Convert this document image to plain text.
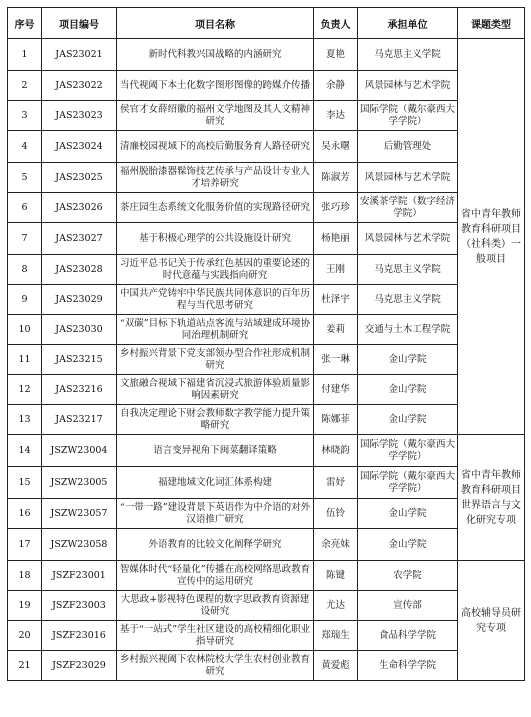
序号	项目编号	项目名称	负责人	承担单位	课题类型
1	JAS23021	新时代科教兴国战略的内涵研究	夏艳	马克思主义学院	省中青年教师教育科研项目（社科类）一般项目
2	JAS23022	当代视阈下本土化数字图形图像的跨媒介传播	余静	风景园林与艺术学院	
3	JAS23023	侯官才女薛绍徽的福州文学地图及其人文精神研究	李达	国际学院（戴尔豪西大学学院）	
4	JAS23024	清廉校园视域下的高校后勤服务育人路径研究	吴永曙	后勤管理处	
5	JAS23025	福州脱胎漆器髹饰技艺传承与产品设计专业人才培养研究	陈淑芳	风景园林与艺术学院	
6	JAS23026	茶庄园生态系统文化服务价值的实现路径研究	张巧珍	安溪茶学院（数字经济学院）	
7	JAS23027	基于积极心理学的公共设施设计研究	杨艳丽	风景园林与艺术学院	
8	JAS23028	习近平总书记关于传承红色基因的重要论述的时代意蕴与实践指向研究	王刚	马克思主义学院	
9	JAS23029	中国共产党铸牢中华民族共同体意识的百年历程与当代思考研究	杜泽宇	马克思主义学院	
10	JAS23030	“双碳”目标下轨道站点客流与站域建成环境协同治理机制研究	姜莉	交通与土木工程学院	
11	JAS23215	乡村振兴背景下党支部领办型合作社形成机制研究	张一琳	金山学院	
12	JAS23216	文旅融合视域下福建省沉浸式旅游体验质量影响因素研究	付建华	金山学院	
13	JAS23217	自我决定理论下财会教师数字教学能力提升策略研究	陈娜菲	金山学院	
14	JSZW23004	语言变异视角下闽菜翻译策略	林晓韵	国际学院（戴尔豪西大学学院）	省中青年教师教育科研项目世界语言与文化研究专项
15	JSZW23005	福建地域文化词汇体系构建	雷妤	国际学院（戴尔豪西大学学院）	
16	JSZW23057	“一带一路”建设背景下英语作为中介语的对外汉语推广研究	伍铃	金山学院	
17	JSZW23058	外语教育的比较文化阐释学研究	余亮妹	金山学院	
18	JSZF23001	智媒体时代“轻量化”传播在高校网络思政教育宣传中的运用研究	陈键	农学院	高校辅导员研究专项
19	JSZF23003	大思政+影视特色课程的数字思政教育资源建设研究	尤达	宣传部	
20	JSZF23016	基于“一站式”学生社区建设的高校精细化职业指导研究	郑瑞生	食品科学学院	
21	JSZF23029	乡村振兴视阈下农林院校大学生农村创业教育研究	黄爱彪	生命科学学院	
